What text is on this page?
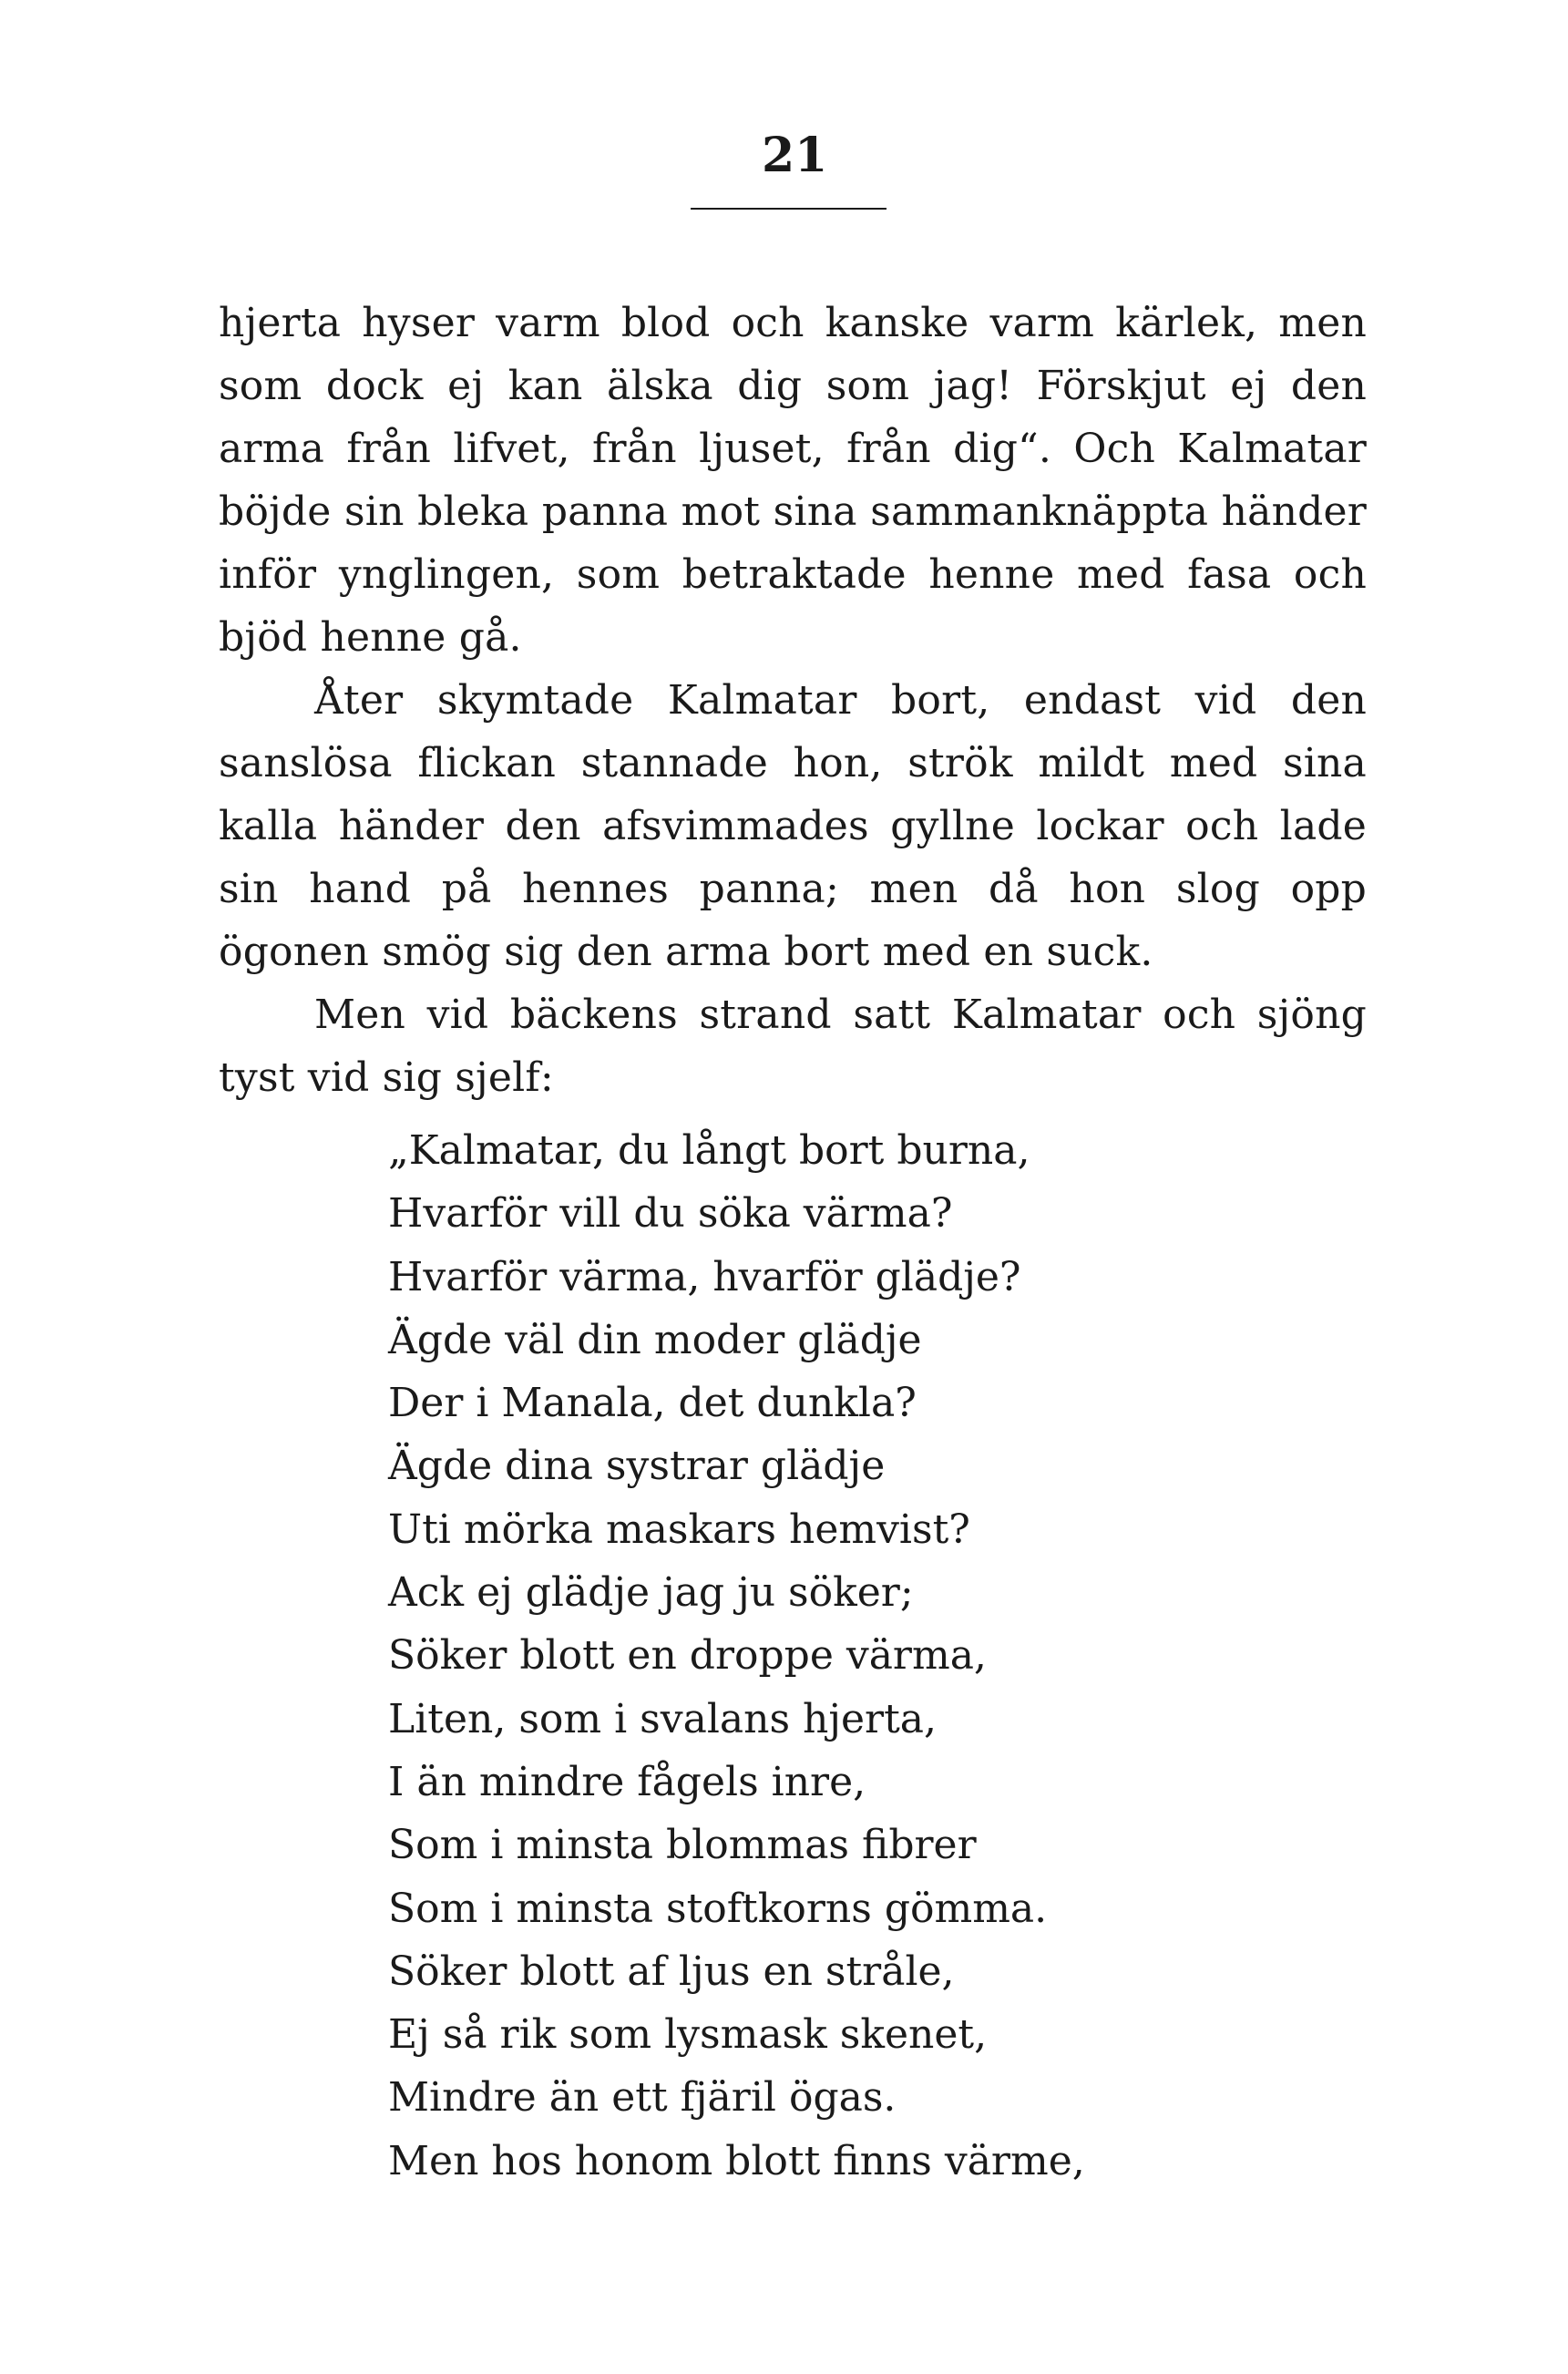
21

hjerta hyser varm blod och kanske varm kärlek, men som dock ej kan älska dig som jag! Förskjut ej den arma från lifvet, från ljuset, från dig“. Och Kalmatar böjde sin bleka panna mot sina sammanknäppta händer inför ynglingen, som betraktade henne med fasa och bjöd henne gå.

Åter skymtade Kalmatar bort, endast vid den sanslösa flickan stannade hon, strök mildt med sina kalla händer den afsvimmades gyllne lockar och lade sin hand på hennes panna; men då hon slog opp ögonen smög sig den arma bort med en suck.

Men vid bäckens strand satt Kalmatar och sjöng tyst vid sig sjelf:

„Kalmatar, du långt bort burna,
Hvarför vill du söka värma?
Hvarför värma, hvarför glädje?
Ägde väl din moder glädje
Der i Manala, det dunkla?
Ägde dina systrar glädje
Uti mörka maskars hemvist?
Ack ej glädje jag ju söker;
Söker blott en droppe värma,
Liten, som i svalans hjerta,
I än mindre fågels inre,
Som i minsta blommas fibrer
Som i minsta stoftkorns gömma.
Söker blott af ljus en stråle,
Ej så rik som lysmask skenet,
Mindre än ett fjäril ögas.
Men hos honom blott finns värme,
